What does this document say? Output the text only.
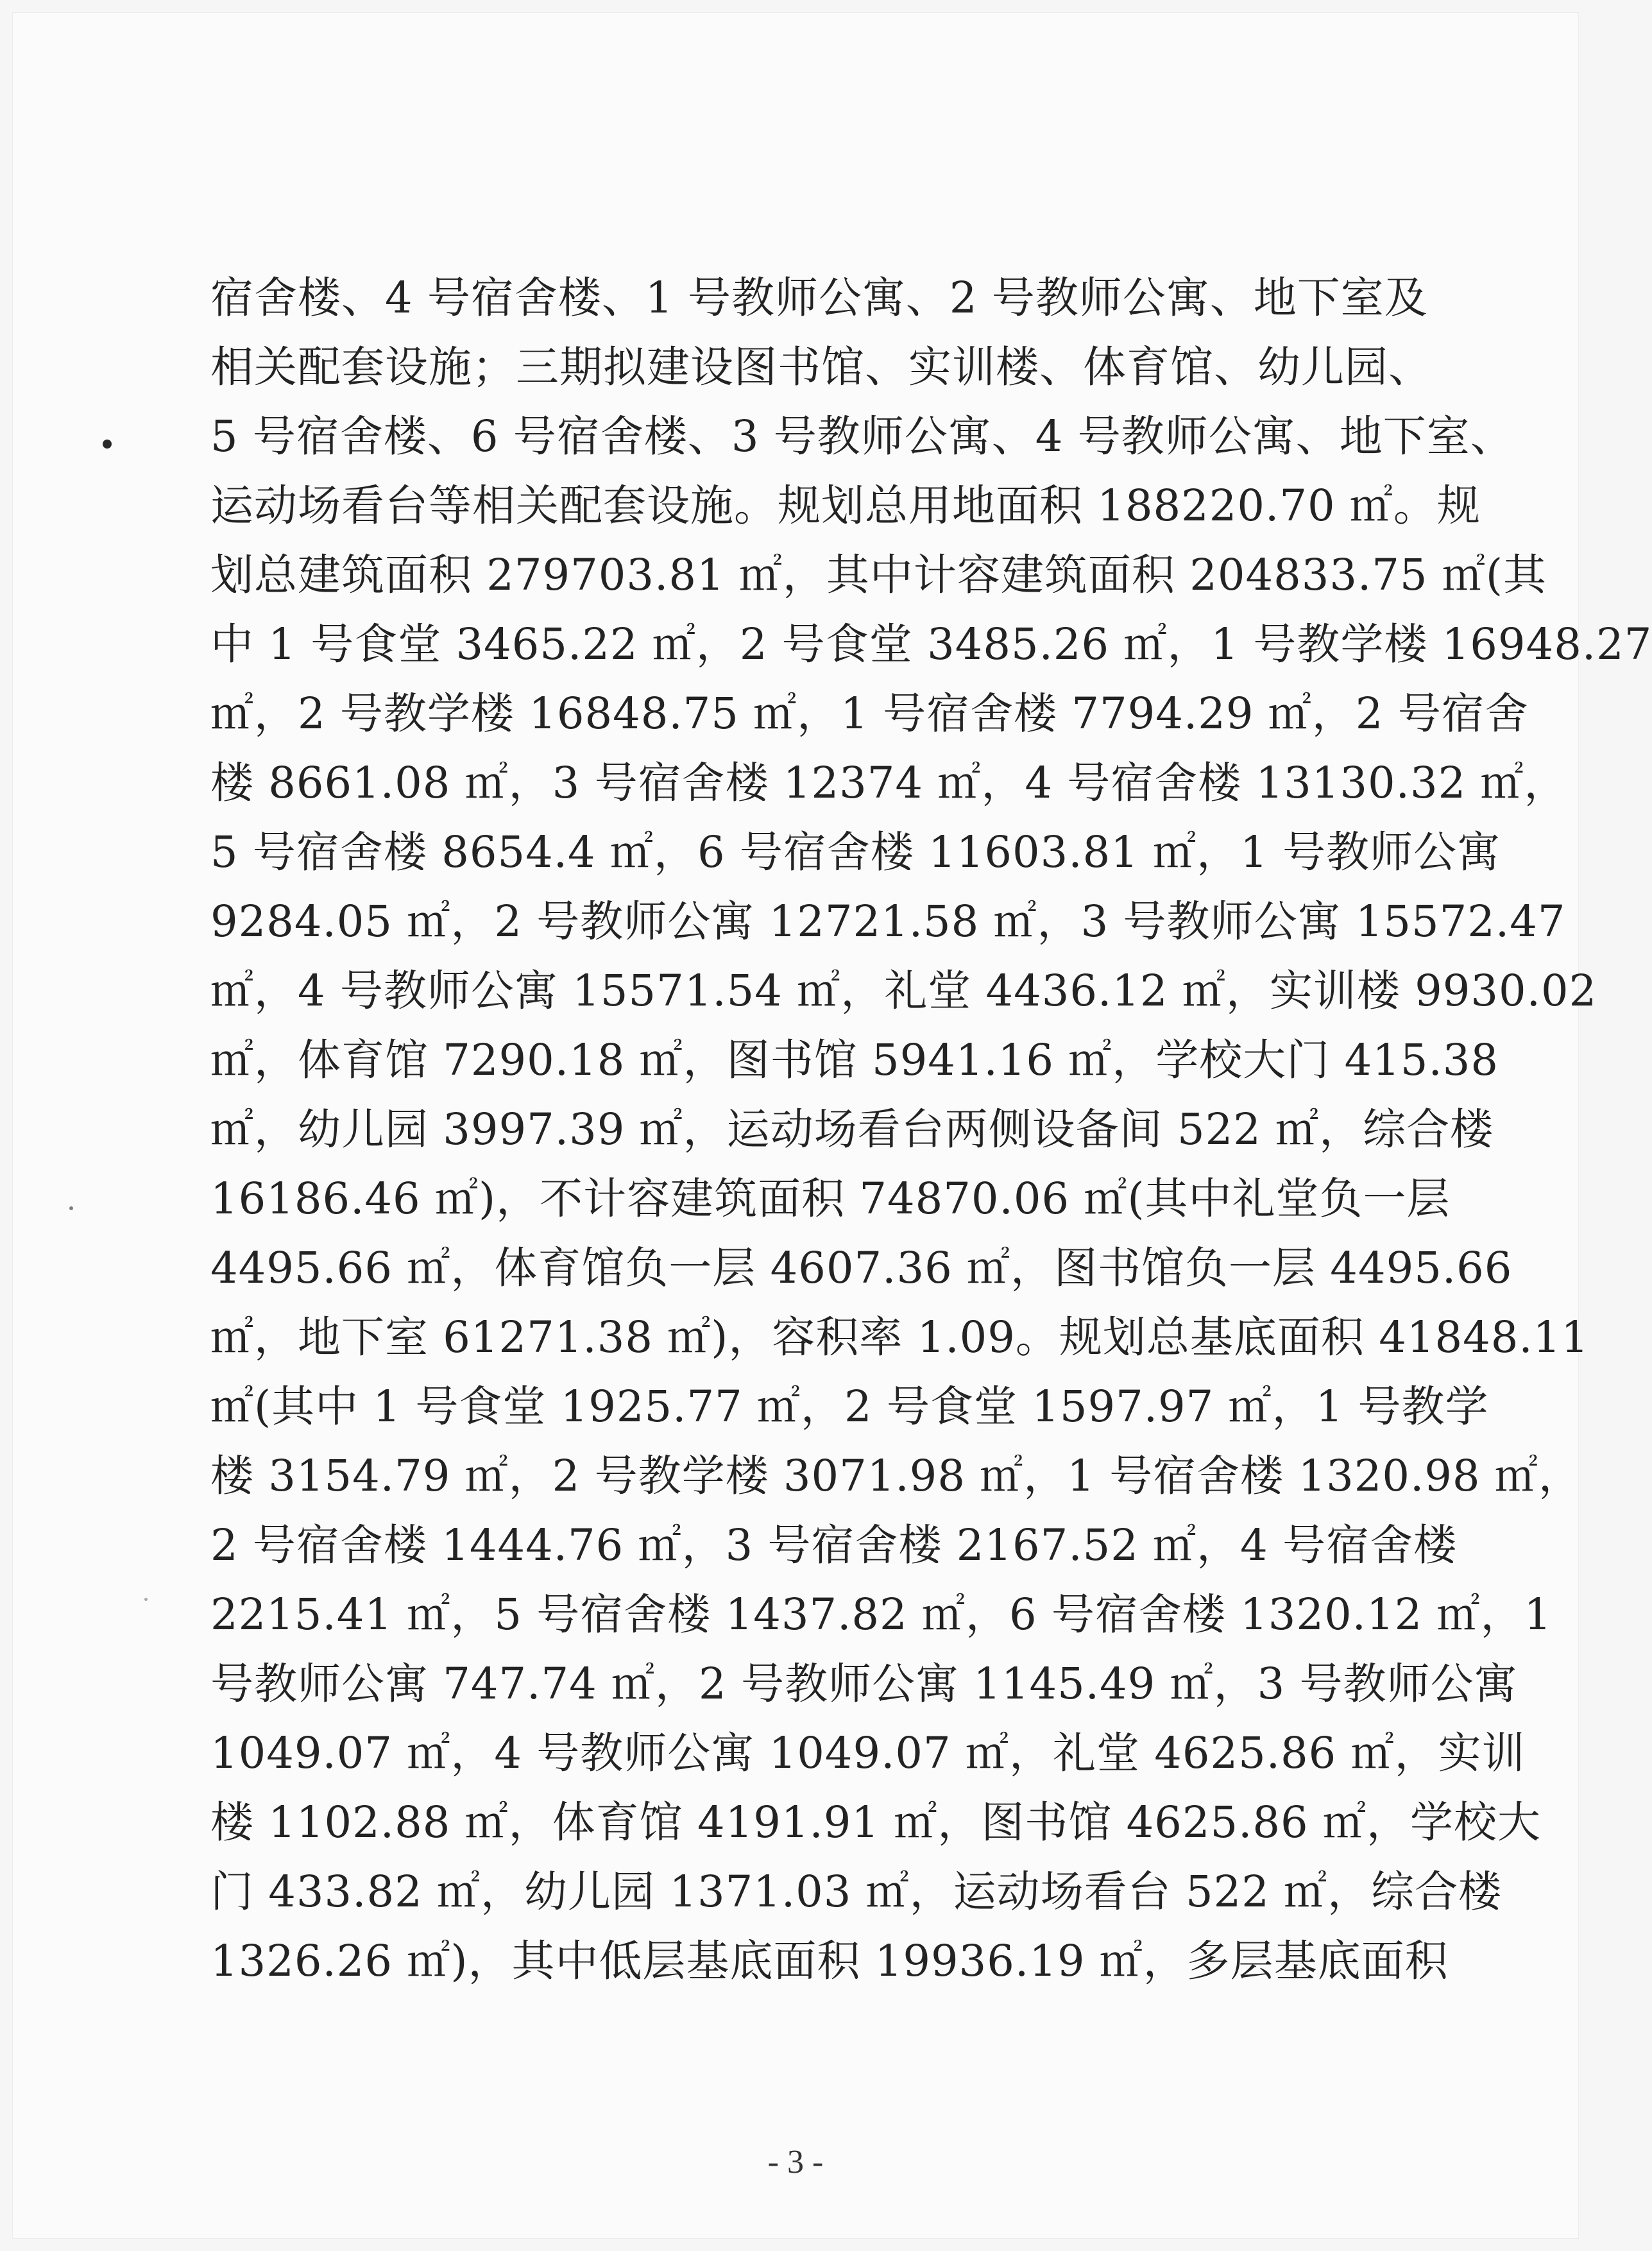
宿舍楼、4 号宿舍楼、1 号教师公寓、2 号教师公寓、地下室及
相关配套设施；三期拟建设图书馆、实训楼、体育馆、幼儿园、
5 号宿舍楼、6 号宿舍楼、3 号教师公寓、4 号教师公寓、地下室、
运动场看台等相关配套设施。规划总用地面积 188220.70 ㎡。规
划总建筑面积 279703.81 ㎡，其中计容建筑面积 204833.75 ㎡(其
中 1 号食堂 3465.22 ㎡，2 号食堂 3485.26 ㎡，1 号教学楼 16948.27
㎡，2 号教学楼 16848.75 ㎡，1 号宿舍楼 7794.29 ㎡，2 号宿舍
楼 8661.08 ㎡，3 号宿舍楼 12374 ㎡，4 号宿舍楼 13130.32 ㎡，
5 号宿舍楼 8654.4 ㎡，6 号宿舍楼 11603.81 ㎡，1 号教师公寓
9284.05 ㎡，2 号教师公寓 12721.58 ㎡，3 号教师公寓 15572.47
㎡，4 号教师公寓 15571.54 ㎡，礼堂 4436.12 ㎡，实训楼 9930.02
㎡，体育馆 7290.18 ㎡，图书馆 5941.16 ㎡，学校大门 415.38
㎡，幼儿园 3997.39 ㎡，运动场看台两侧设备间 522 ㎡，综合楼
16186.46 ㎡)，不计容建筑面积 74870.06 ㎡(其中礼堂负一层
4495.66 ㎡，体育馆负一层 4607.36 ㎡，图书馆负一层 4495.66
㎡，地下室 61271.38 ㎡)，容积率 1.09。规划总基底面积 41848.11
㎡(其中 1 号食堂 1925.77 ㎡，2 号食堂 1597.97 ㎡，1 号教学
楼 3154.79 ㎡，2 号教学楼 3071.98 ㎡，1 号宿舍楼 1320.98 ㎡，
2 号宿舍楼 1444.76 ㎡，3 号宿舍楼 2167.52 ㎡，4 号宿舍楼
2215.41 ㎡，5 号宿舍楼 1437.82 ㎡，6 号宿舍楼 1320.12 ㎡，1
号教师公寓 747.74 ㎡，2 号教师公寓 1145.49 ㎡，3 号教师公寓
1049.07 ㎡，4 号教师公寓 1049.07 ㎡，礼堂 4625.86 ㎡，实训
楼 1102.88 ㎡，体育馆 4191.91 ㎡，图书馆 4625.86 ㎡，学校大
门 433.82 ㎡，幼儿园 1371.03 ㎡，运动场看台 522 ㎡，综合楼
1326.26 ㎡)，其中低层基底面积 19936.19 ㎡，多层基底面积
- 3 -
